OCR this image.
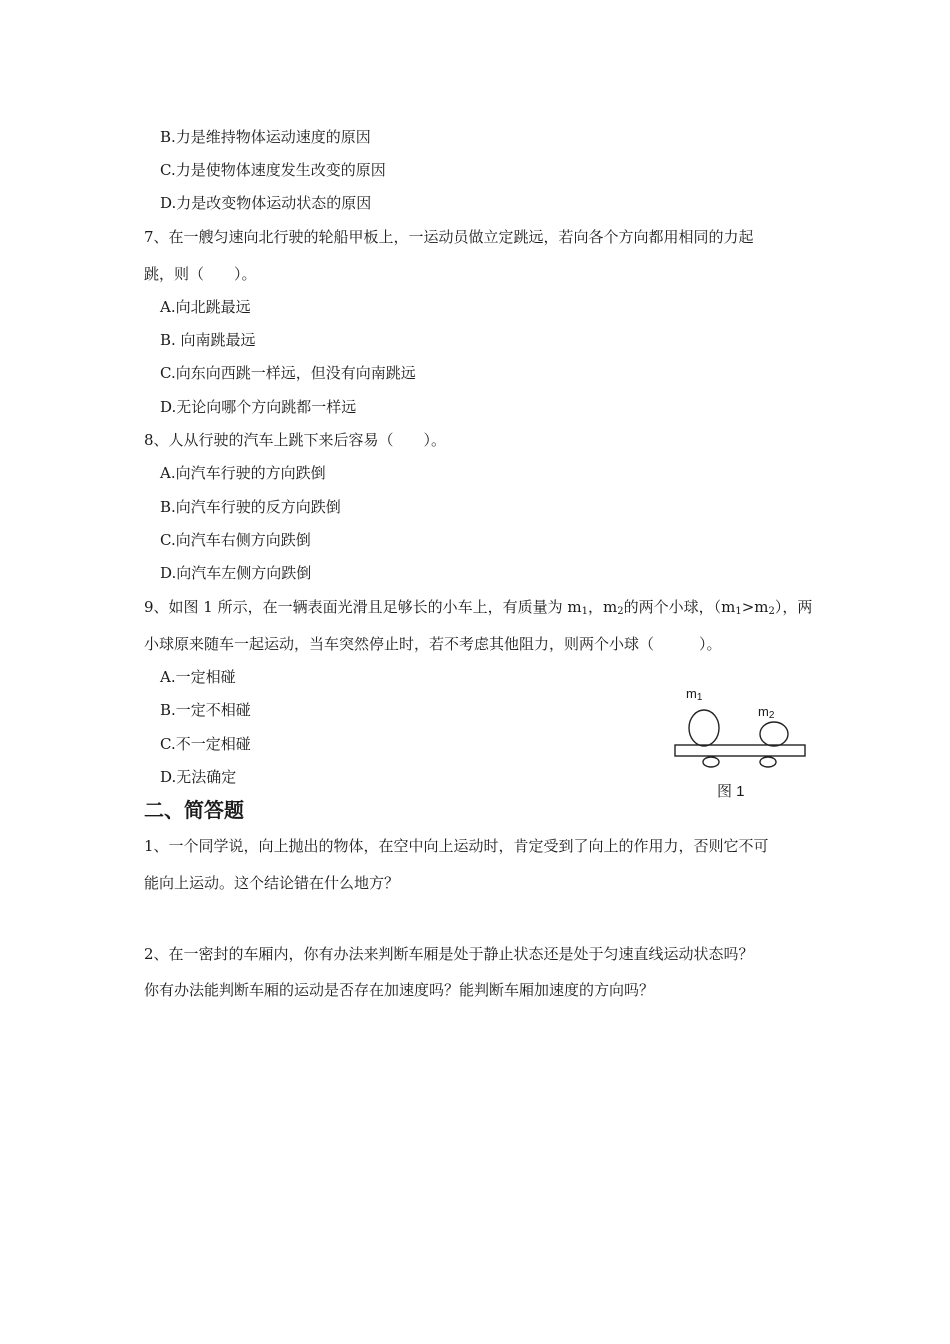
B.力是维持物体运动速度的原因
C.力是使物体速度发生改变的原因
D.力是改变物体运动状态的原因
7、在一艘匀速向北行驶的轮船甲板上，一运动员做立定跳远，若向各个方向都用相同的力起
跳，则（　　）。
A.向北跳最远
B. 向南跳最远
C.向东向西跳一样远，但没有向南跳远
D.无论向哪个方向跳都一样远
8、人从行驶的汽车上跳下来后容易（　　）。
A.向汽车行驶的方向跌倒
B.向汽车行驶的反方向跌倒
C.向汽车右侧方向跌倒
D.向汽车左侧方向跌倒
9、如图 1 所示，在一辆表面光滑且足够长的小车上，有质量为 $m_1$，$m_2$的两个小球，$(m_1>m_2)$，两
小球原来随车一起运动，当车突然停止时，若不考虑其他阻力，则两个小球（　　　）。
A.一定相碰
B.一定不相碰
C.不一定相碰
D.无法确定
$m_1$
$m_2$
图 1
二、简答题
1、一个同学说，向上抛出的物体，在空中向上运动时，肯定受到了向上的作用力，否则它不可
能向上运动。这个结论错在什么地方？
2、在一密封的车厢内，你有办法来判断车厢是处于静止状态还是处于匀速直线运动状态吗？
你有办法能判断车厢的运动是否存在加速度吗？能判断车厢加速度的方向吗？
